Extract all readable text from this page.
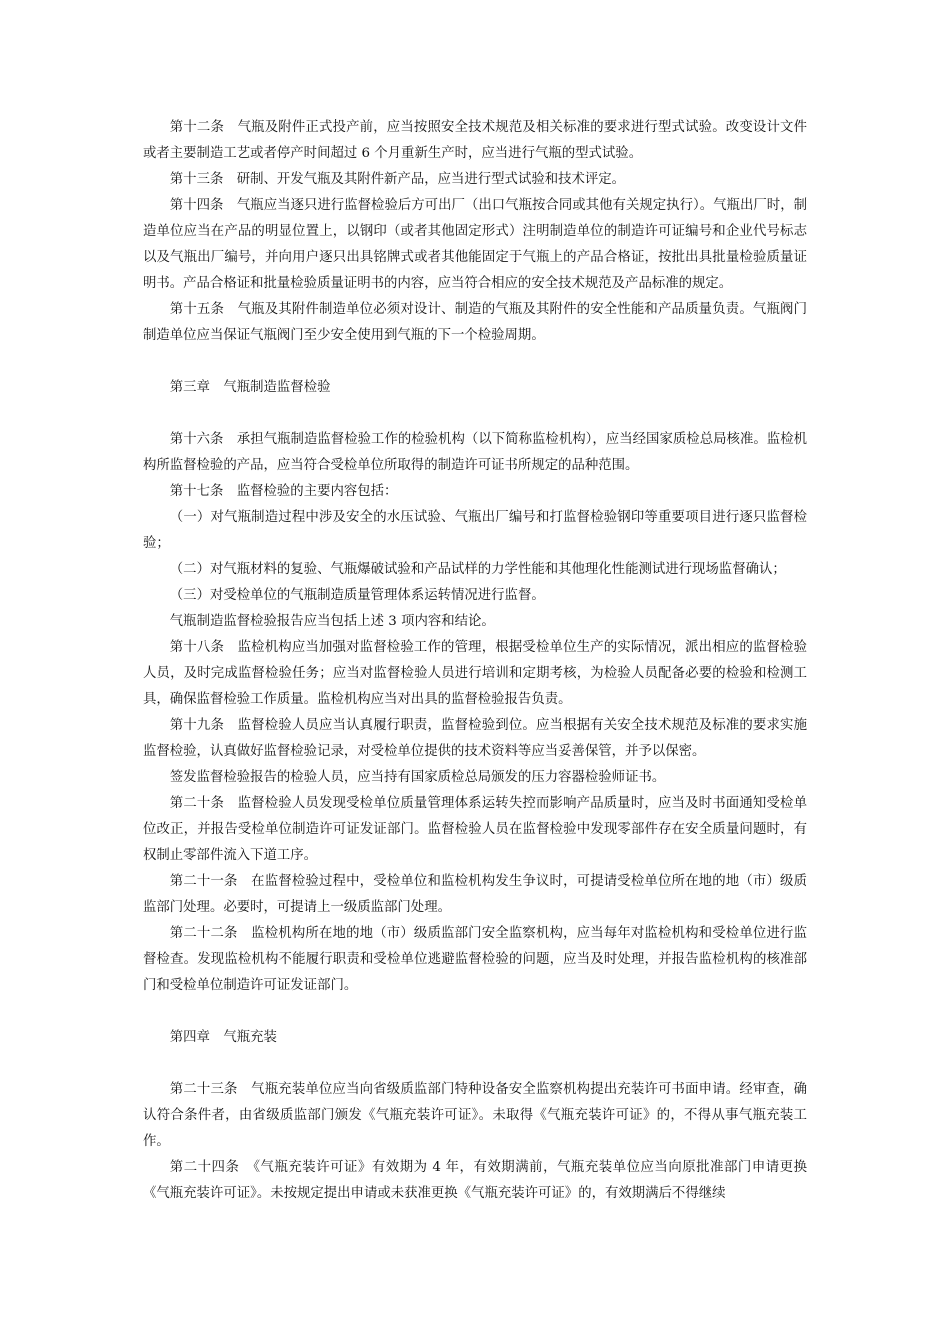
第十二条　气瓶及附件正式投产前，应当按照安全技术规范及相关标准的要求进行型式试验。改变设计文件或者主要制造工艺或者停产时间超过 6 个月重新生产时，应当进行气瓶的型式试验。

第十三条　研制、开发气瓶及其附件新产品，应当进行型式试验和技术评定。

第十四条　气瓶应当逐只进行监督检验后方可出厂（出口气瓶按合同或其他有关规定执行）。气瓶出厂时，制造单位应当在产品的明显位置上，以钢印（或者其他固定形式）注明制造单位的制造许可证编号和企业代号标志以及气瓶出厂编号，并向用户逐只出具铭牌式或者其他能固定于气瓶上的产品合格证，按批出具批量检验质量证明书。产品合格证和批量检验质量证明书的内容，应当符合相应的安全技术规范及产品标准的规定。

第十五条　气瓶及其附件制造单位必须对设计、制造的气瓶及其附件的安全性能和产品质量负责。气瓶阀门制造单位应当保证气瓶阀门至少安全使用到气瓶的下一个检验周期。

第三章　气瓶制造监督检验

第十六条　承担气瓶制造监督检验工作的检验机构（以下简称监检机构），应当经国家质检总局核准。监检机构所监督检验的产品，应当符合受检单位所取得的制造许可证书所规定的品种范围。

第十七条　监督检验的主要内容包括：

（一）对气瓶制造过程中涉及安全的水压试验、气瓶出厂编号和打监督检验钢印等重要项目进行逐只监督检验；

（二）对气瓶材料的复验、气瓶爆破试验和产品试样的力学性能和其他理化性能测试进行现场监督确认；

（三）对受检单位的气瓶制造质量管理体系运转情况进行监督。

气瓶制造监督检验报告应当包括上述 3 项内容和结论。

第十八条　监检机构应当加强对监督检验工作的管理，根据受检单位生产的实际情况，派出相应的监督检验人员，及时完成监督检验任务；应当对监督检验人员进行培训和定期考核，为检验人员配备必要的检验和检测工具，确保监督检验工作质量。监检机构应当对出具的监督检验报告负责。

第十九条　监督检验人员应当认真履行职责，监督检验到位。应当根据有关安全技术规范及标准的要求实施监督检验，认真做好监督检验记录，对受检单位提供的技术资料等应当妥善保管，并予以保密。

签发监督检验报告的检验人员，应当持有国家质检总局颁发的压力容器检验师证书。

第二十条　监督检验人员发现受检单位质量管理体系运转失控而影响产品质量时，应当及时书面通知受检单位改正，并报告受检单位制造许可证发证部门。监督检验人员在监督检验中发现零部件存在安全质量问题时，有权制止零部件流入下道工序。

第二十一条　在监督检验过程中，受检单位和监检机构发生争议时，可提请受检单位所在地的地（市）级质监部门处理。必要时，可提请上一级质监部门处理。

第二十二条　监检机构所在地的地（市）级质监部门安全监察机构，应当每年对监检机构和受检单位进行监督检查。发现监检机构不能履行职责和受检单位逃避监督检验的问题，应当及时处理，并报告监检机构的核准部门和受检单位制造许可证发证部门。

第四章　气瓶充装

第二十三条　气瓶充装单位应当向省级质监部门特种设备安全监察机构提出充装许可书面申请。经审查，确认符合条件者，由省级质监部门颁发《气瓶充装许可证》。未取得《气瓶充装许可证》的，不得从事气瓶充装工作。

第二十四条　《气瓶充装许可证》有效期为 4 年，有效期满前，气瓶充装单位应当向原批准部门申请更换《气瓶充装许可证》。未按规定提出申请或未获准更换《气瓶充装许可证》的，有效期满后不得继续
